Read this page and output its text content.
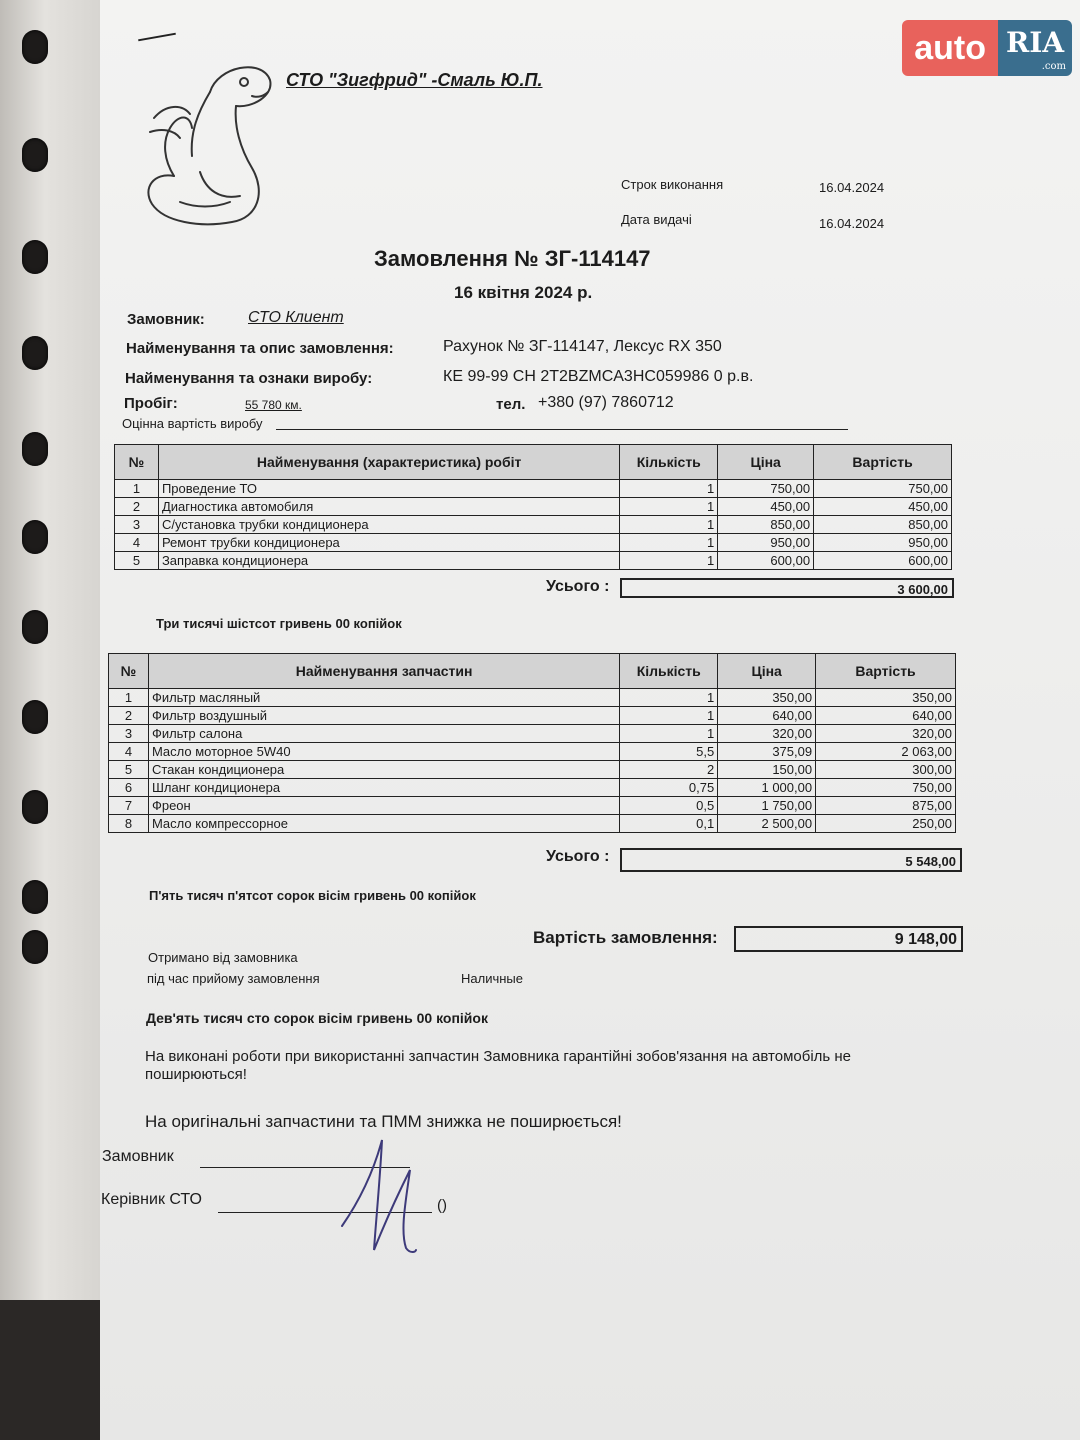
auto RIA
.com
СТО "Зигфрид" -Смаль Ю.П.
Строк виконання	16.04.2024
Дата видачі	16.04.2024
Замовлення № ЗГ-114147
16 квітня 2024 р.
Замовник:	СТО Клиент
Найменування та опис замовлення:	Рахунок № ЗГ-114147, Лексус RX 350
Найменування та ознаки виробу:	КЕ 99-99 СН 2T2BZMCA3HC059986 0 р.в.
Пробіг:	55 780 км.	тел. +380 (97) 7860712
Оцінна вартість виробу
№	Найменування (характеристика) робіт	Кількість	Ціна	Вартість
1	Проведение ТО	1	750,00	750,00
2	Диагностика автомобиля	1	450,00	450,00
3	С/установка трубки кондиционера	1	850,00	850,00
4	Ремонт трубки кондиционера	1	950,00	950,00
5	Заправка кондиционера	1	600,00	600,00
Усього :	3 600,00
Три тисячі шістсот гривень 00 копійок
№	Найменування запчастин	Кількість	Ціна	Вартість
1	Фильтр масляный	1	350,00	350,00
2	Фильтр воздушный	1	640,00	640,00
3	Фильтр салона	1	320,00	320,00
4	Масло моторное 5W40	5,5	375,09	2 063,00
5	Стакан кондиционера	2	150,00	300,00
6	Шланг кондиционера	0,75	1 000,00	750,00
7	Фреон	0,5	1 750,00	875,00
8	Масло компрессорное	0,1	2 500,00	250,00
Усього :	5 548,00
П'ять тисяч п'ятсот сорок вісім гривень 00 копійок
Вартість замовлення:	9 148,00
Отримано від замовника
під час прийому замовлення	Наличные
Дев'ять тисяч сто сорок вісім гривень 00 копійок
На виконані роботи при використанні запчастин Замовника гарантійні зобов'язання на автомобіль не поширюються!
На оригінальні запчастини та ПММ знижка не поширюється!
Замовник
Керівник СТО	()
